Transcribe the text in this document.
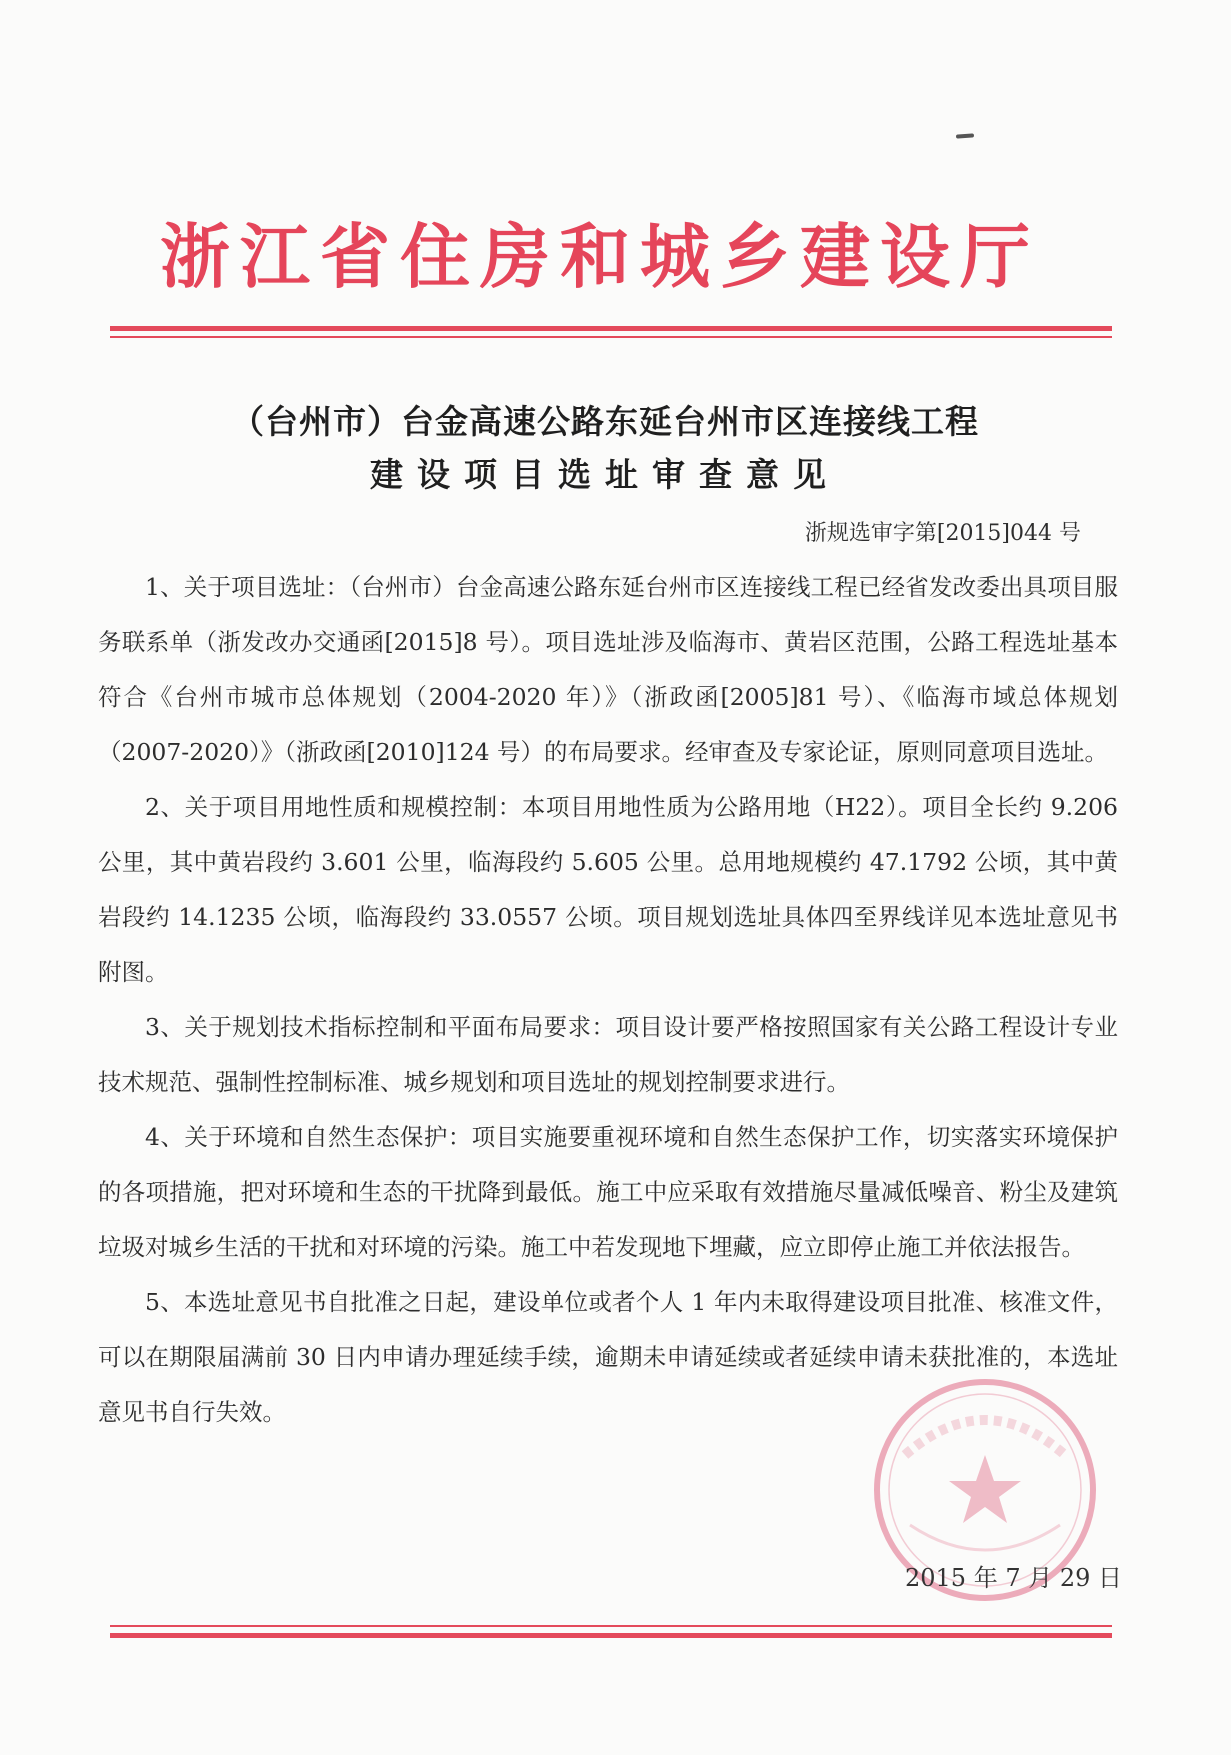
浙江省住房和城乡建设厅
（台州市）台金高速公路东延台州市区连接线工程
建设项目选址审查意见
浙规选审字第[2015]044 号

1、关于项目选址：（台州市）台金高速公路东延台州市区连接线工程已经省发改委出具项目服务联系单（浙发改办交通函[2015]8 号）。项目选址涉及临海市、黄岩区范围，公路工程选址基本符合《台州市城市总体规划（2004-2020 年）》（浙政函[2005]81 号）、《临海市域总体规划（2007-2020）》（浙政函[2010]124 号）的布局要求。经审查及专家论证，原则同意项目选址。

2、关于项目用地性质和规模控制：本项目用地性质为公路用地（H22）。项目全长约 9.206 公里，其中黄岩段约 3.601 公里，临海段约 5.605 公里。总用地规模约 47.1792 公顷，其中黄岩段约 14.1235 公顷，临海段约 33.0557 公顷。项目规划选址具体四至界线详见本选址意见书附图。

3、关于规划技术指标控制和平面布局要求：项目设计要严格按照国家有关公路工程设计专业技术规范、强制性控制标准、城乡规划和项目选址的规划控制要求进行。

4、关于环境和自然生态保护：项目实施要重视环境和自然生态保护工作，切实落实环境保护的各项措施，把对环境和生态的干扰降到最低。施工中应采取有效措施尽量减低噪音、粉尘及建筑垃圾对城乡生活的干扰和对环境的污染。施工中若发现地下埋藏，应立即停止施工并依法报告。

5、本选址意见书自批准之日起，建设单位或者个人 1 年内未取得建设项目批准、核准文件，可以在期限届满前 30 日内申请办理延续手续，逾期未申请延续或者延续申请未获批准的，本选址意见书自行失效。

2015 年 7 月 29 日
